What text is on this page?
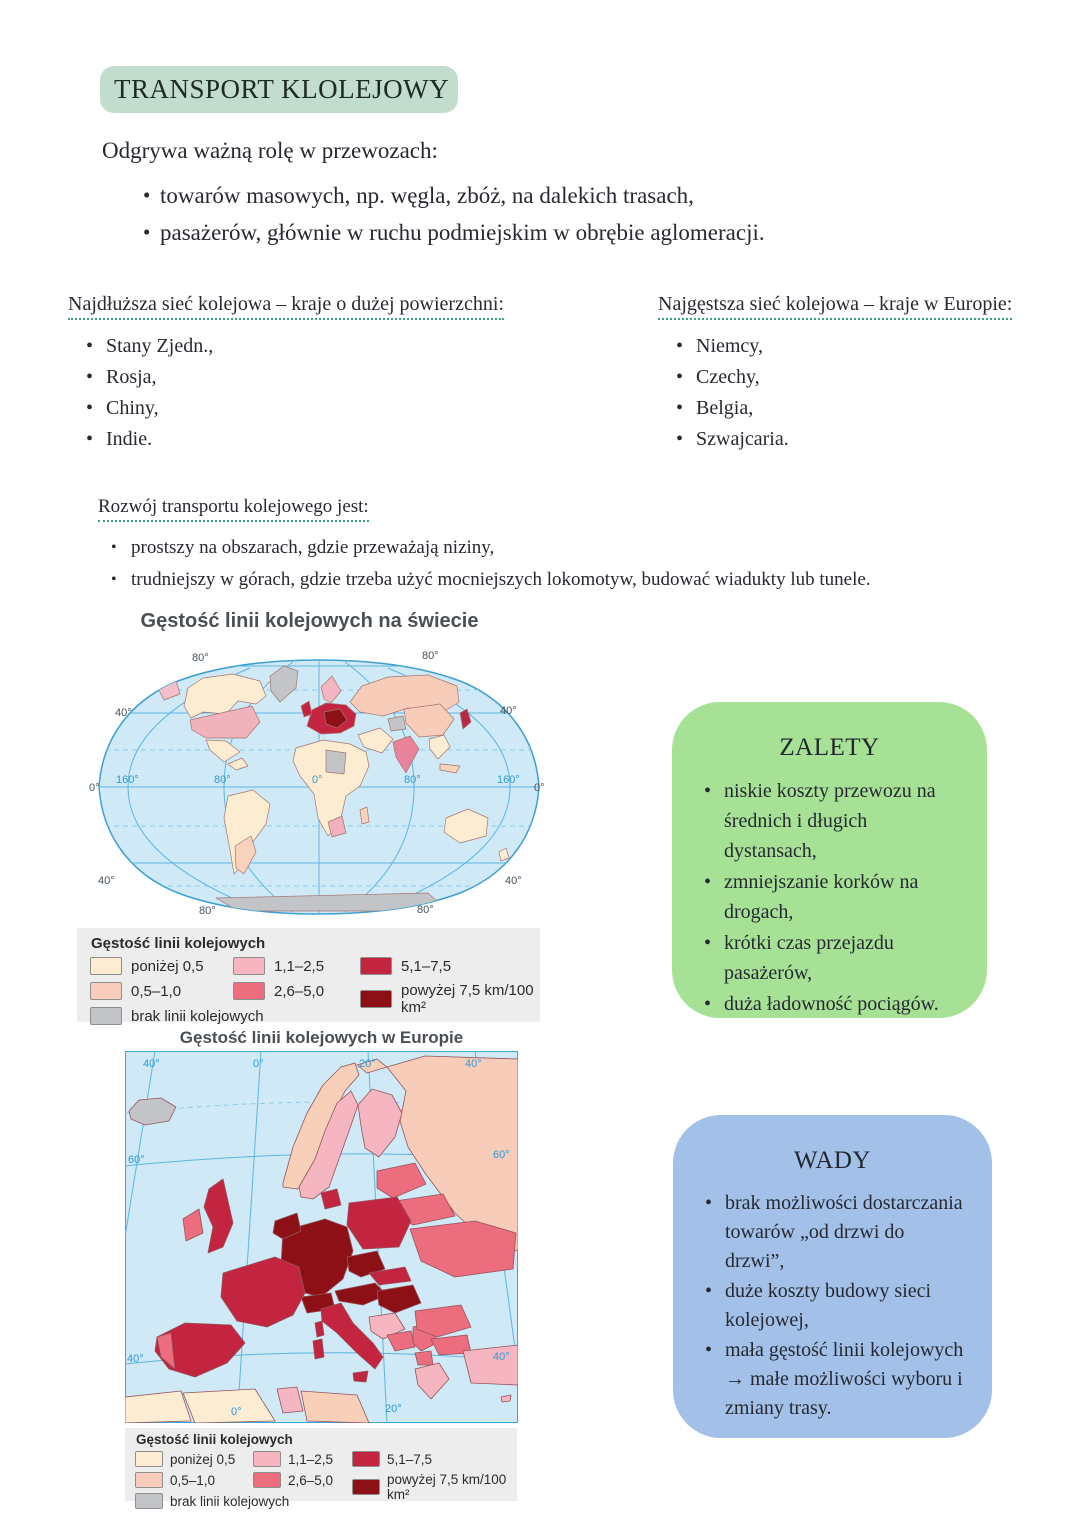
TRANSPORT KLOLEJOWY

Odgrywa ważną rolę w przewozach:

• towarów masowych, np. węgla, zbóż, na dalekich trasach,
• pasażerów, głównie w ruchu podmiejskim w obrębie aglomeracji.
Najdłuższa sieć kolejowa – kraje o dużej powierzchni:
• Stany Zjedn.,
• Rosja,
• Chiny,
• Indie.
Najgęstsza sieć kolejowa – kraje w Europie:
• Niemcy,
• Czechy,
• Belgia,
• Szwajcaria.
Rozwój transportu kolejowego jest:
• prostszy na obszarach, gdzie przeważają niziny,
• trudniejszy w górach, gdzie trzeba użyć mocniejszych lokomotyw, budować wiadukty lub tunele.
Gęstość linii kolejowych na świecie
80°	80°
40°	40°
0°	0°
160°	80°	0°	80°	160°
40°	40°
80°	80°
Gęstość linii kolejowych
poniżej 0,5
0,5–1,0
brak linii kolejowych
1,1–2,5
2,6–5,0
5,1–7,5
powyżej 7,5 km/100 km²
ZALETY
• niskie koszty przewozu na średnich i długich dystansach,
• zmniejszanie korków na drogach,
• krótki czas przejazdu pasażerów,
• duża ładowność pociągów.
Gęstość linii kolejowych w Europie
40°	0°	20°	40°
60°	60°
40°	40°
0°	20°
Gęstość linii kolejowych
poniżej 0,5
0,5–1,0
brak linii kolejowych
1,1–2,5
2,6–5,0
5,1–7,5
powyżej 7,5 km/100 km²
WADY
• brak możliwości dostarczania towarów „od drzwi do drzwi”,
• duże koszty budowy sieci kolejowej,
• mała gęstość linii kolejowych → małe możliwości wyboru i zmiany trasy.
